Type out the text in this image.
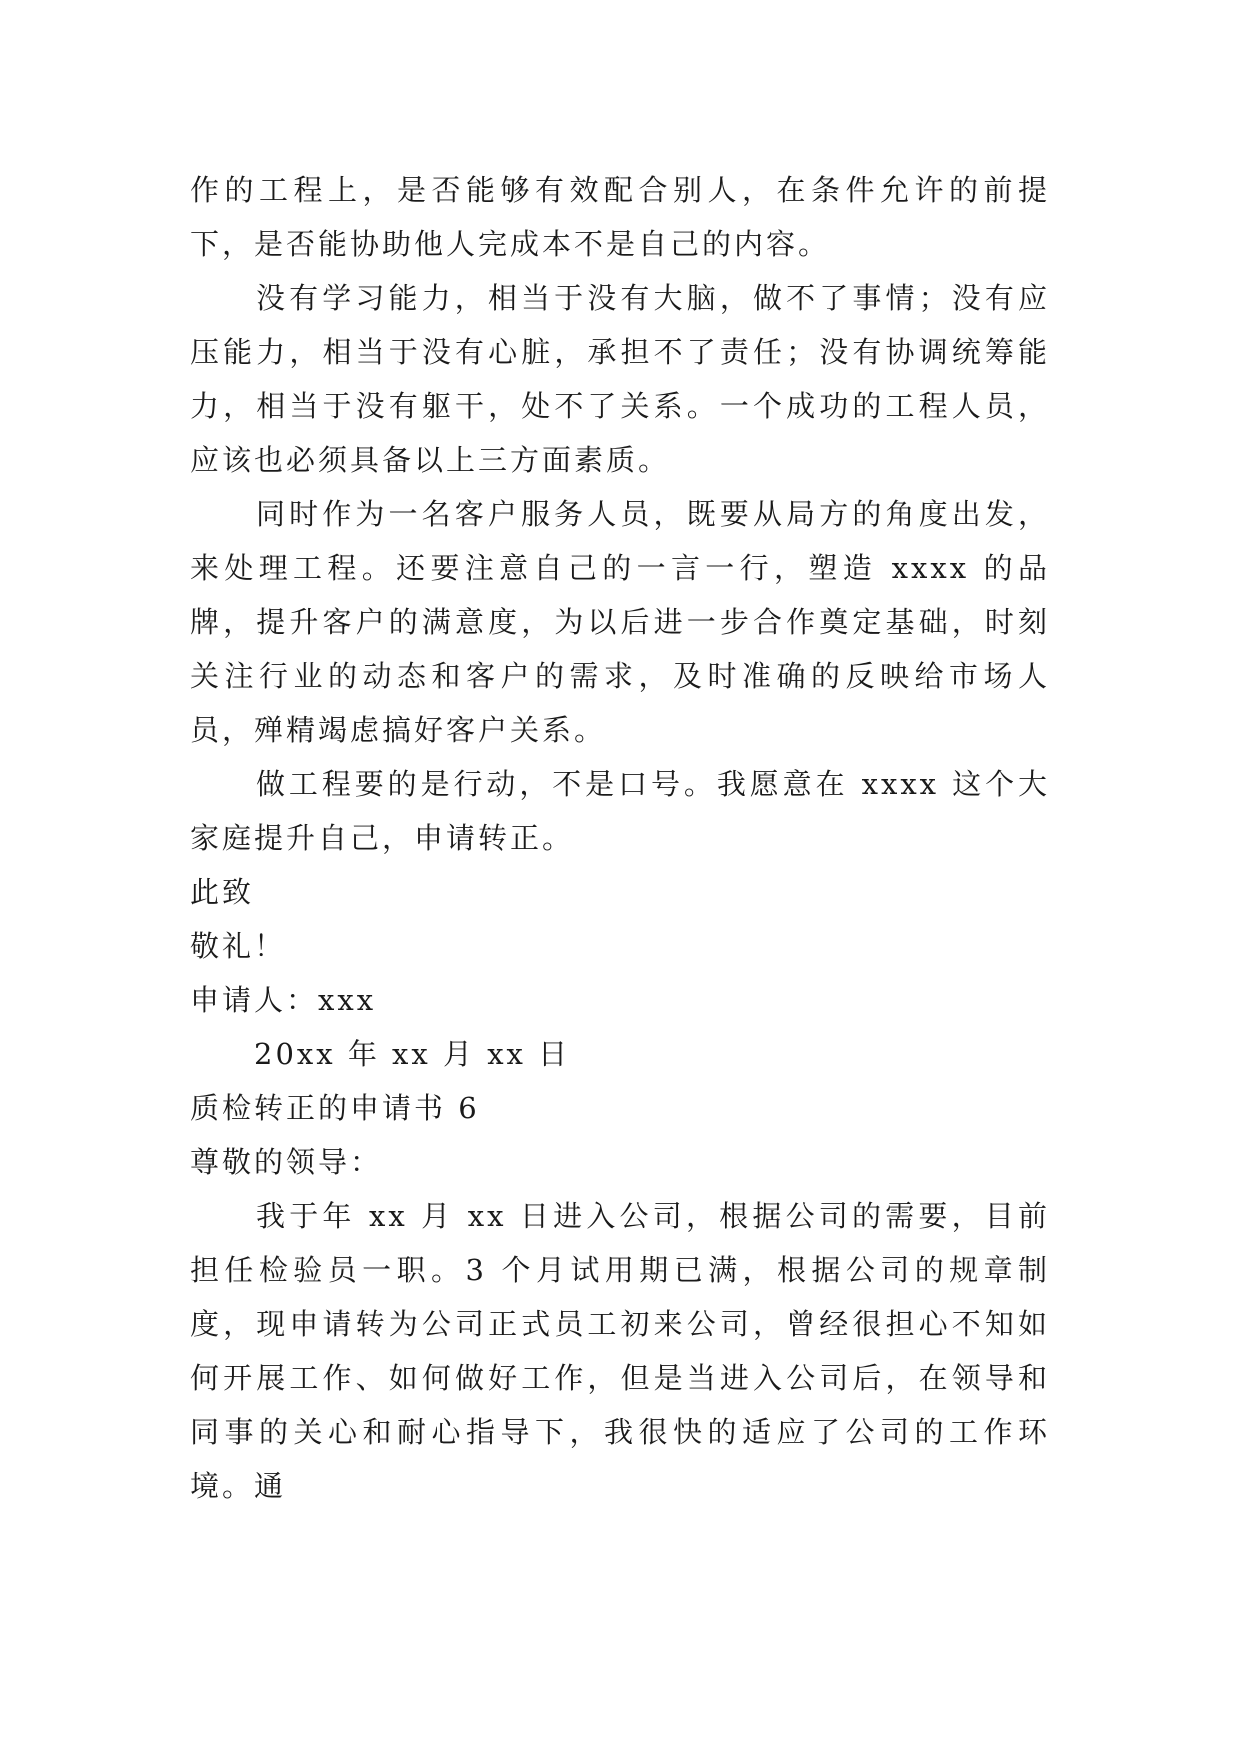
作的工程上，是否能够有效配合别人，在条件允许的前提下，是否能协助他人完成本不是自己的内容。

没有学习能力，相当于没有大脑，做不了事情；没有应压能力，相当于没有心脏，承担不了责任；没有协调统筹能力，相当于没有躯干，处不了关系。一个成功的工程人员，应该也必须具备以上三方面素质。

同时作为一名客户服务人员，既要从局方的角度出发，来处理工程。还要注意自己的一言一行，塑造 xxxx 的品牌，提升客户的满意度，为以后进一步合作奠定基础，时刻关注行业的动态和客户的需求，及时准确的反映给市场人员，殚精竭虑搞好客户关系。

做工程要的是行动，不是口号。我愿意在 xxxx 这个大家庭提升自己，申请转正。

此致

敬礼！

申请人：xxx

20xx 年 xx 月 xx 日

质检转正的申请书 6

尊敬的领导：

我于年 xx 月 xx 日进入公司，根据公司的需要，目前担任检验员一职。3 个月试用期已满，根据公司的规章制度，现申请转为公司正式员工初来公司，曾经很担心不知如何开展工作、如何做好工作，但是当进入公司后，在领导和同事的关心和耐心指导下，我很快的适应了公司的工作环境。通
